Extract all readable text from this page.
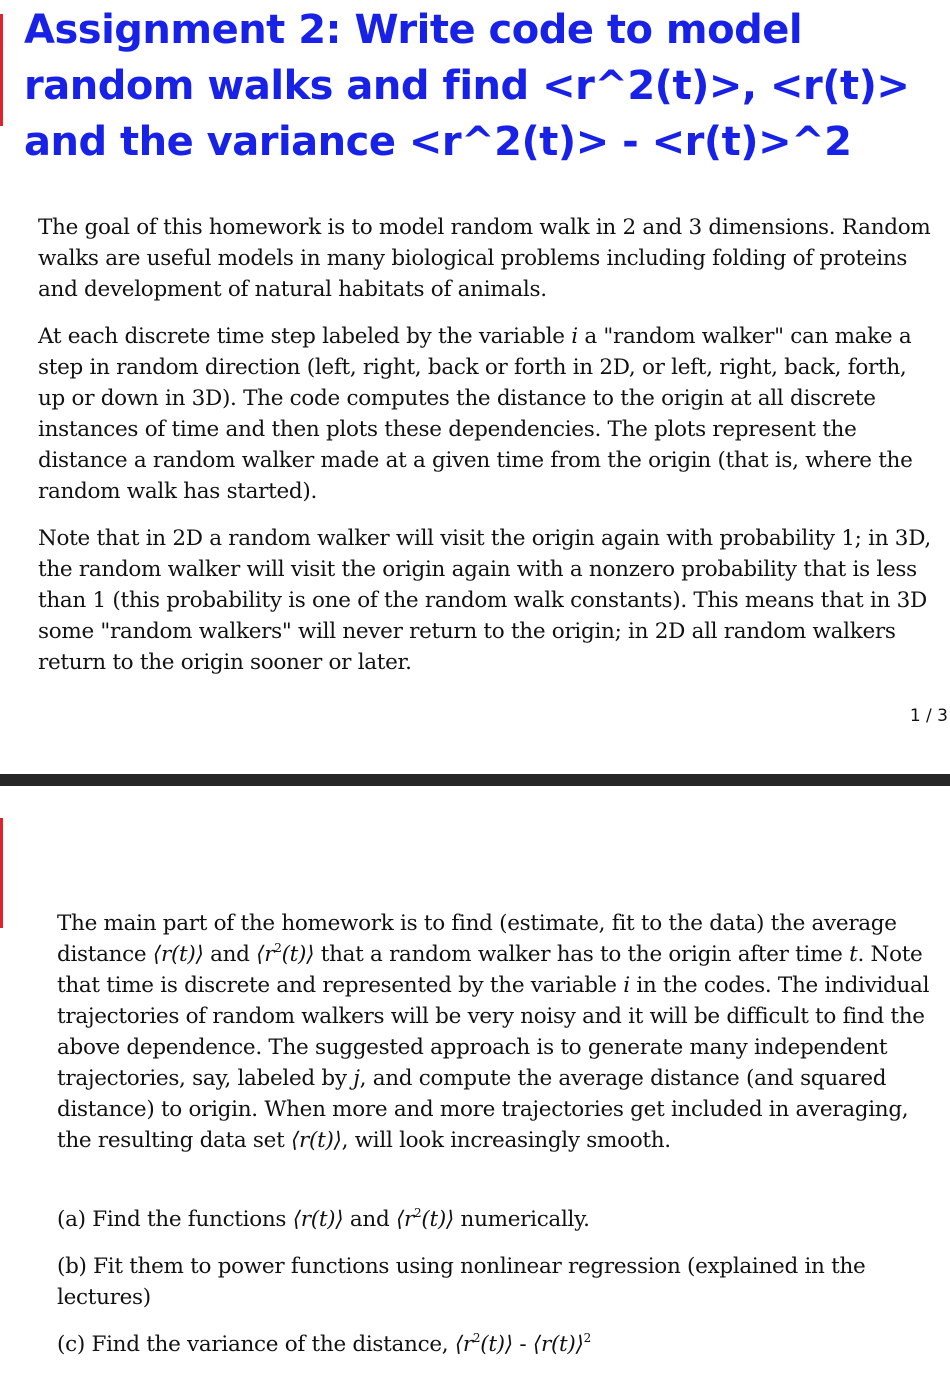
Assignment 2: Write code to model random walks and find <r^2(t)>, <r(t)> and the variance <r^2(t)> - <r(t)>^2

The goal of this homework is to model random walk in 2 and 3 dimensions. Random walks are useful models in many biological problems including folding of proteins and development of natural habitats of animals.

At each discrete time step labeled by the variable i a "random walker" can make a step in random direction (left, right, back or forth in 2D, or left, right, back, forth, up or down in 3D). The code computes the distance to the origin at all discrete instances of time and then plots these dependencies. The plots represent the distance a random walker made at a given time from the origin (that is, where the random walk has started).

Note that in 2D a random walker will visit the origin again with probability 1; in 3D, the random walker will visit the origin again with a nonzero probability that is less than 1 (this probability is one of the random walk constants). This means that in 3D some "random walkers" will never return to the origin; in 2D all random walkers return to the origin sooner or later.

1 / 3

The main part of the homework is to find (estimate, fit to the data) the average distance ⟨r(t)⟩ and $⟨r^2(t)⟩$ that a random walker has to the origin after time t. Note that time is discrete and represented by the variable i in the codes. The individual trajectories of random walkers will be very noisy and it will be difficult to find the above dependence. The suggested approach is to generate many independent trajectories, say, labeled by j, and compute the average distance (and squared distance) to origin. When more and more trajectories get included in averaging, the resulting data set ⟨r(t)⟩, will look increasingly smooth.

(a) Find the functions ⟨r(t)⟩ and $⟨r^2(t)⟩$ numerically.

(b) Fit them to power functions using nonlinear regression (explained in the lectures)

(c) Find the variance of the distance, $⟨r^2(t)⟩$ - ⟨r(t)⟩$^2$
